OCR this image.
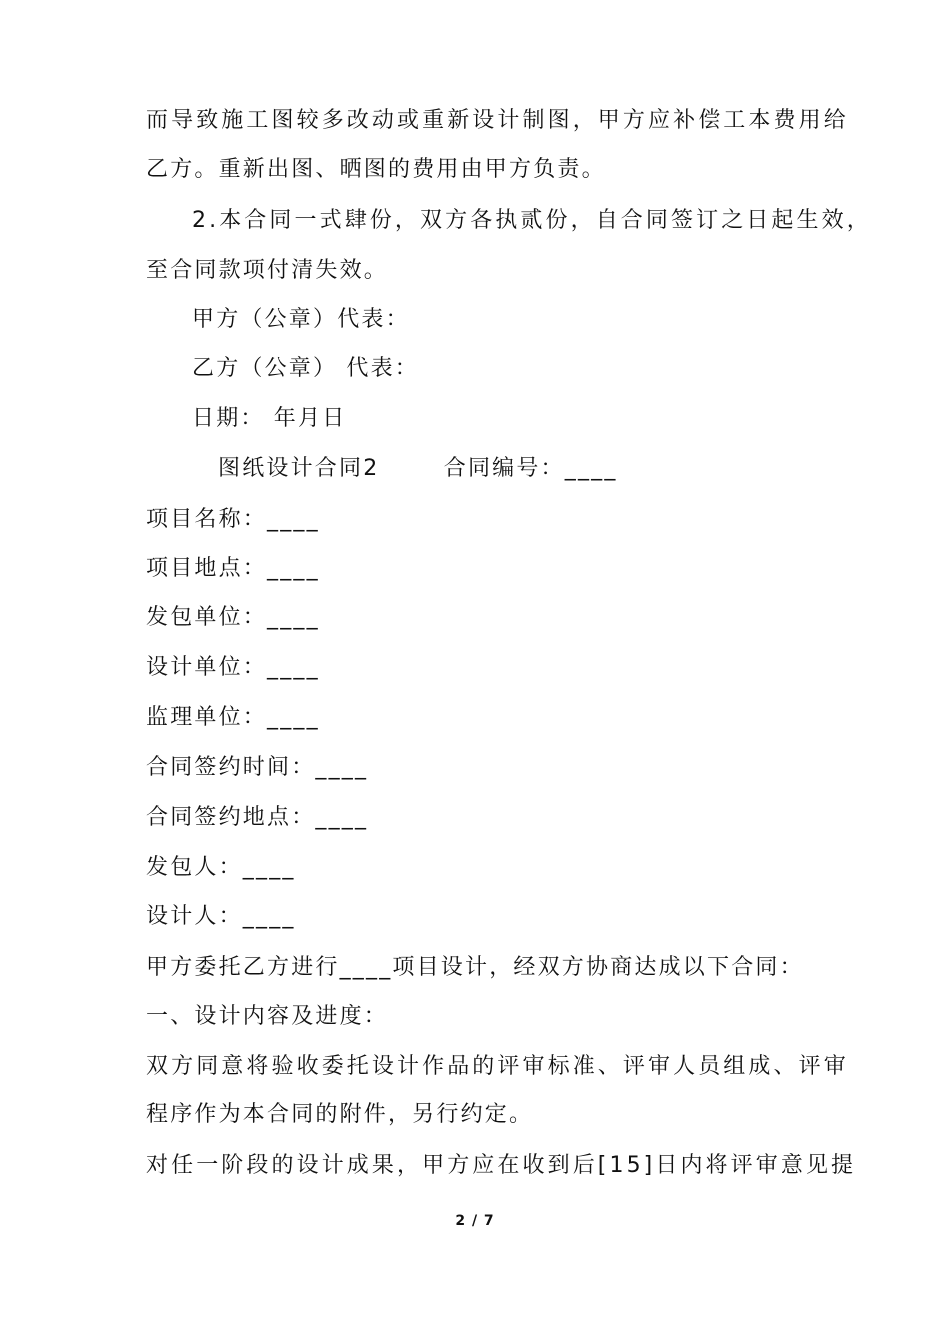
而导致施工图较多改动或重新设计制图，甲方应补偿工本费用给
乙方。重新出图、晒图的费用由甲方负责。
2.本合同一式肆份，双方各执贰份，自合同签订之日起生效，
至合同款项付清失效。
甲方（公章）代表：
乙方（公章） 代表：
日期： 年月日
图纸设计合同2       合同编号：____
项目名称：____
项目地点：____
发包单位：____
设计单位：____
监理单位：____
合同签约时间：____
合同签约地点：____
发包人：____
设计人：____
甲方委托乙方进行____项目设计，经双方协商达成以下合同：
一、设计内容及进度：
双方同意将验收委托设计作品的评审标准、评审人员组成、评审
程序作为本合同的附件，另行约定。
对任一阶段的设计成果，甲方应在收到后[15]日内将评审意见提
2 / 7
